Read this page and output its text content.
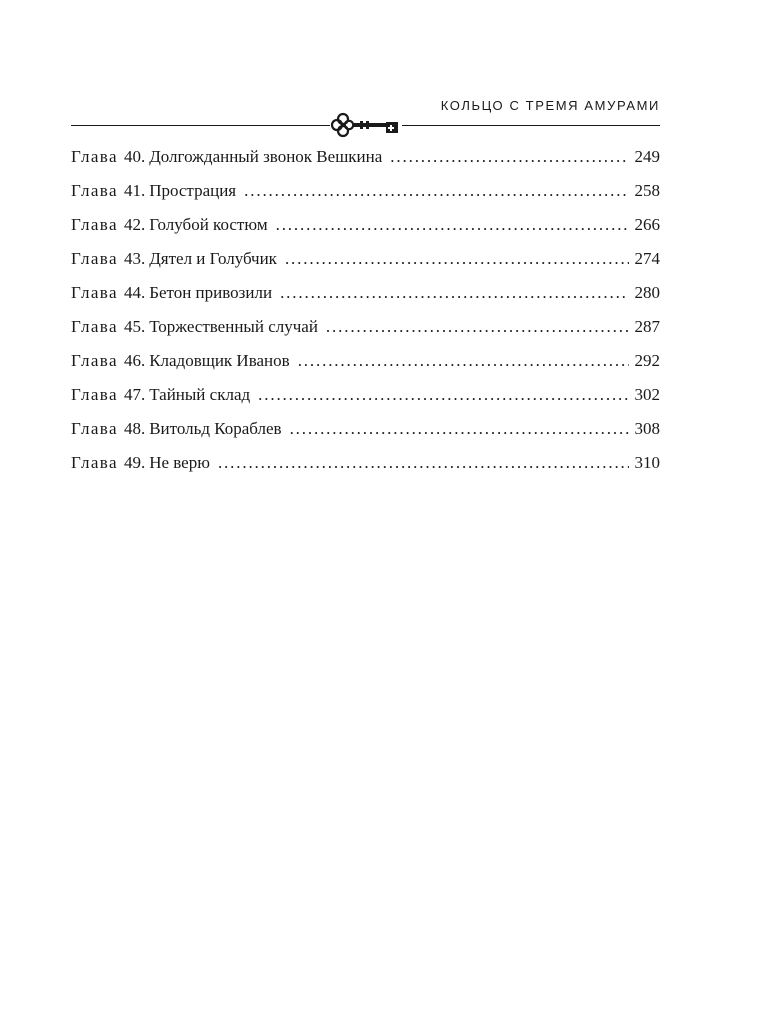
КОЛЬЦО С ТРЕМЯ АМУРАМИ
Глава 40. Долгожданный звонок Вешкина . . .	249
Глава 41. Прострация . . .	258
Глава 42. Голубой костюм . . .	266
Глава 43. Дятел и Голубчик . . .	274
Глава 44. Бетон привозили . . .	280
Глава 45. Торжественный случай . . .	287
Глава 46. Кладовщик Иванов . . .	292
Глава 47. Тайный склад . . .	302
Глава 48. Витольд Кораблев . . .	308
Глава 49. Не верю . . .	310
